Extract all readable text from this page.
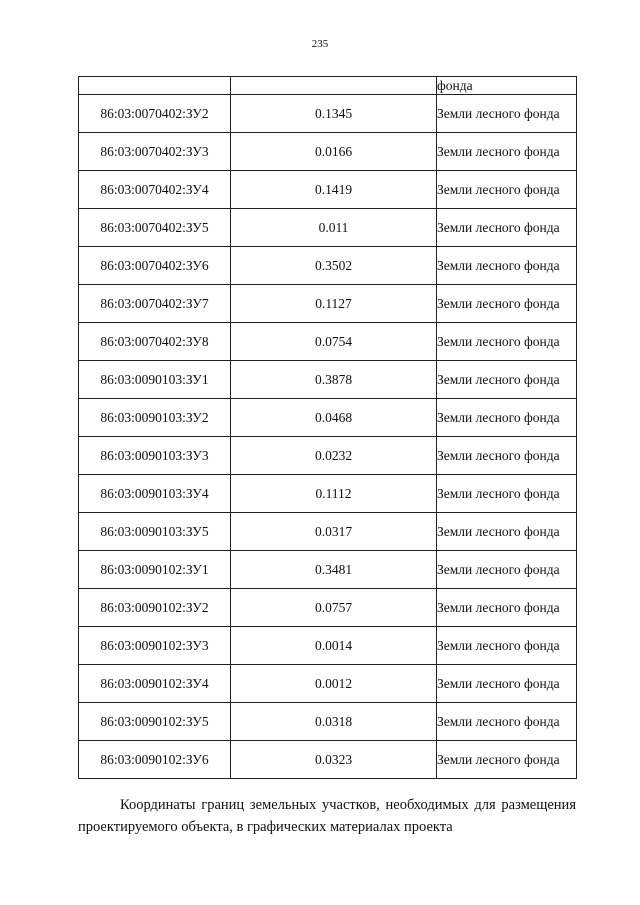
235
		фонда
86:03:0070402:ЗУ2	0.1345	Земли лесного фонда
86:03:0070402:ЗУ3	0.0166	Земли лесного фонда
86:03:0070402:ЗУ4	0.1419	Земли лесного фонда
86:03:0070402:ЗУ5	0.011	Земли лесного фонда
86:03:0070402:ЗУ6	0.3502	Земли лесного фонда
86:03:0070402:ЗУ7	0.1127	Земли лесного фонда
86:03:0070402:ЗУ8	0.0754	Земли лесного фонда
86:03:0090103:ЗУ1	0.3878	Земли лесного фонда
86:03:0090103:ЗУ2	0.0468	Земли лесного фонда
86:03:0090103:ЗУ3	0.0232	Земли лесного фонда
86:03:0090103:ЗУ4	0.1112	Земли лесного фонда
86:03:0090103:ЗУ5	0.0317	Земли лесного фонда
86:03:0090102:ЗУ1	0.3481	Земли лесного фонда
86:03:0090102:ЗУ2	0.0757	Земли лесного фонда
86:03:0090102:ЗУ3	0.0014	Земли лесного фонда
86:03:0090102:ЗУ4	0.0012	Земли лесного фонда
86:03:0090102:ЗУ5	0.0318	Земли лесного фонда
86:03:0090102:ЗУ6	0.0323	Земли лесного фонда

Координаты границ земельных участков, необходимых для размещения проектируемого объекта, в графических материалах проекта
